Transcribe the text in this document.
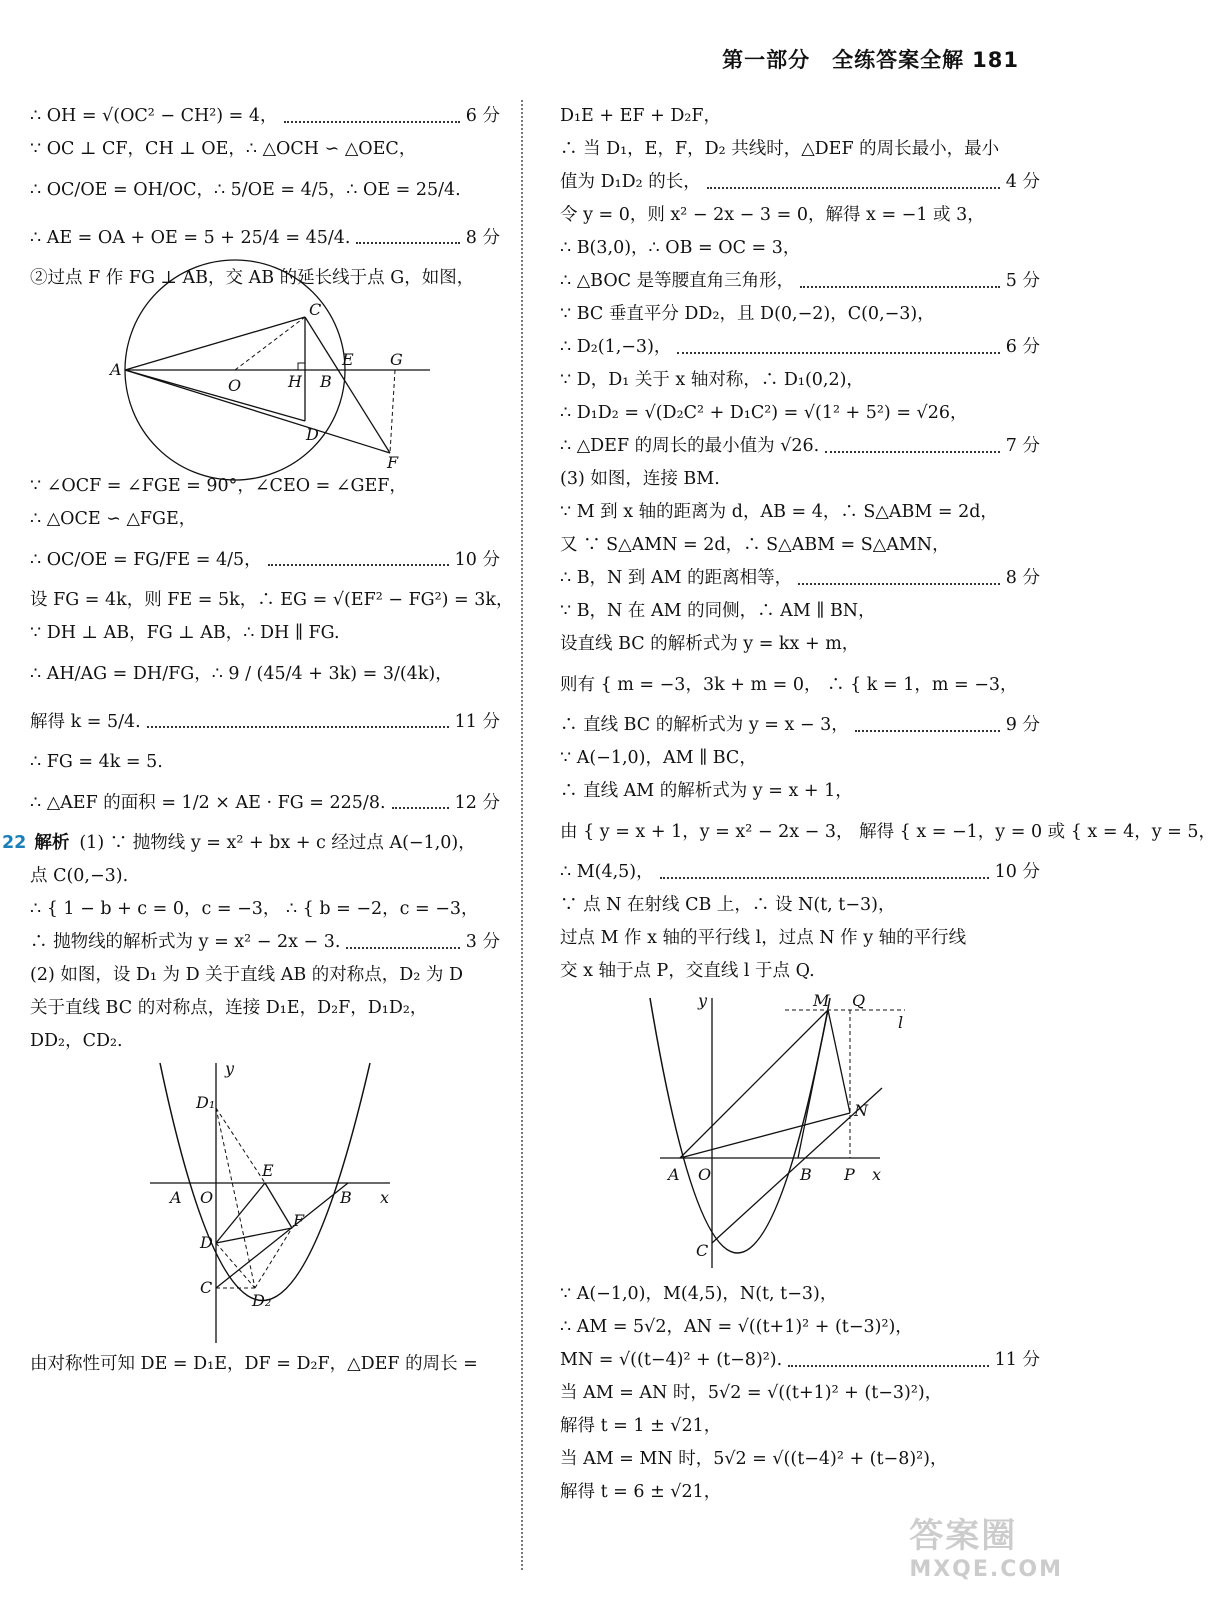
第一部分　全练答案全解 181
∴ OH = √(OC² − CH²) = 4，	6 分
∵ OC ⊥ CF，CH ⊥ OE，∴ △OCH ∽ △OEC，
∴ OC/OE = OH/OC，∴ 5/OE = 4/5，∴ OE = 25/4.
∴ AE = OA + OE = 5 + 25/4 = 45/4.	8 分
②过点 F 作 FG ⊥ AB，交 AB 的延长线于点 G，如图，
C
A
O	H B
E G
D
F
∵ ∠OCF = ∠FGE = 90°，∠CEO = ∠GEF，
∴ △OCE ∽ △FGE，
∴ OC/OE = FG/FE = 4/5，	10 分
设 FG = 4k，则 FE = 5k，∴ EG = √(EF² − FG²) = 3k，
∵ DH ⊥ AB，FG ⊥ AB，∴ DH ∥ FG.
∴ AH/AG = DH/FG，∴ 9 / (45/4 + 3k) = 3/(4k)，
解得 k = 5/4.	11 分
∴ FG = 4k = 5.
∴ △AEF 的面积 = 1/2 × AE · FG = 225/8.	12 分
22 解析 (1) ∵ 抛物线 y = x² + bx + c 经过点 A(−1,0)，
点 C(0,−3).
∴ { 1 − b + c = 0，c = −3， ∴ { b = −2，c = −3，
∴ 抛物线的解析式为 y = x² − 2x − 3.	3 分
(2) 如图，设 D₁ 为 D 关于直线 AB 的对称点，D₂ 为 D
关于直线 BC 的对称点，连接 D₁E，D₂F，D₁D₂，
DD₂，CD₂.
y
D₁
E
A O	B x
D
F
C
D₂
由对称性可知 DE = D₁E，DF = D₂F，△DEF 的周长 =
D₁E + EF + D₂F，
∴ 当 D₁，E，F，D₂ 共线时，△DEF 的周长最小，最小
值为 D₁D₂ 的长，	4 分
令 y = 0，则 x² − 2x − 3 = 0，解得 x = −1 或 3，
∴ B(3,0)，∴ OB = OC = 3，
∴ △BOC 是等腰直角三角形，	5 分
∵ BC 垂直平分 DD₂，且 D(0,−2)，C(0,−3)，
∴ D₂(1,−3)，	6 分
∵ D，D₁ 关于 x 轴对称，∴ D₁(0,2)，
∴ D₁D₂ = √(D₂C² + D₁C²) = √(1² + 5²) = √26，
∴ △DEF 的周长的最小值为 √26.	7 分
(3) 如图，连接 BM.
∵ M 到 x 轴的距离为 d，AB = 4，∴ S△ABM = 2d，
又 ∵ S△AMN = 2d，∴ S△ABM = S△AMN，
∴ B，N 到 AM 的距离相等，	8 分
∵ B，N 在 AM 的同侧，∴ AM ∥ BN，
设直线 BC 的解析式为 y = kx + m，
则有 { m = −3，3k + m = 0， ∴ { k = 1，m = −3，
∴ 直线 BC 的解析式为 y = x − 3，	9 分
∵ A(−1,0)，AM ∥ BC，
∴ 直线 AM 的解析式为 y = x + 1，
由 { y = x + 1，y = x² − 2x − 3， 解得 { x = −1，y = 0 或 { x = 4，y = 5，
∴ M(4,5)，	10 分
∵ 点 N 在射线 CB 上，∴ 设 N(t, t−3)，
过点 M 作 x 轴的平行线 l，过点 N 作 y 轴的平行线
交 x 轴于点 P，交直线 l 于点 Q.
y	M Q
l
N
A O	B P x
C
∵ A(−1,0)，M(4,5)，N(t, t−3)，
∴ AM = 5√2，AN = √((t+1)² + (t−3)²)，
MN = √((t−4)² + (t−8)²).	11 分
当 AM = AN 时，5√2 = √((t+1)² + (t−3)²)，
解得 t = 1 ± √21，
当 AM = MN 时，5√2 = √((t−4)² + (t−8)²)，
解得 t = 6 ± √21，
答案圈
MXQE.COM
